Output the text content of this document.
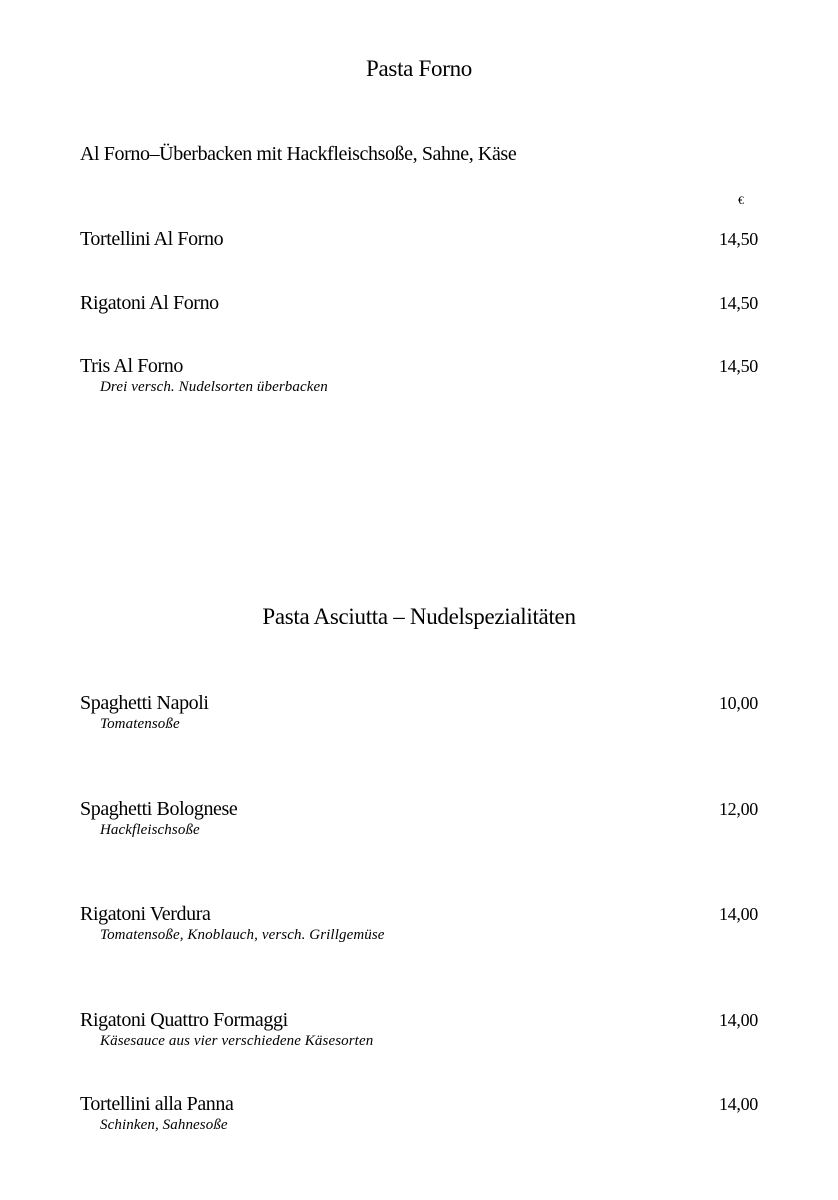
Pasta Forno
Al Forno–Überbacken mit Hackfleischsoße, Sahne, Käse
€
Tortellini Al Forno	14,50
Rigatoni Al Forno	14,50
Tris Al Forno	14,50
Drei versch. Nudelsorten überbacken
Pasta Asciutta – Nudelspezialitäten
Spaghetti Napoli	10,00
Tomatensoße
Spaghetti Bolognese	12,00
Hackfleischsoße
Rigatoni Verdura	14,00
Tomatensoße, Knoblauch, versch. Grillgemüse
Rigatoni Quattro Formaggi	14,00
Käsesauce aus vier verschiedene Käsesorten
Tortellini alla Panna	14,00
Schinken, Sahnesoße
